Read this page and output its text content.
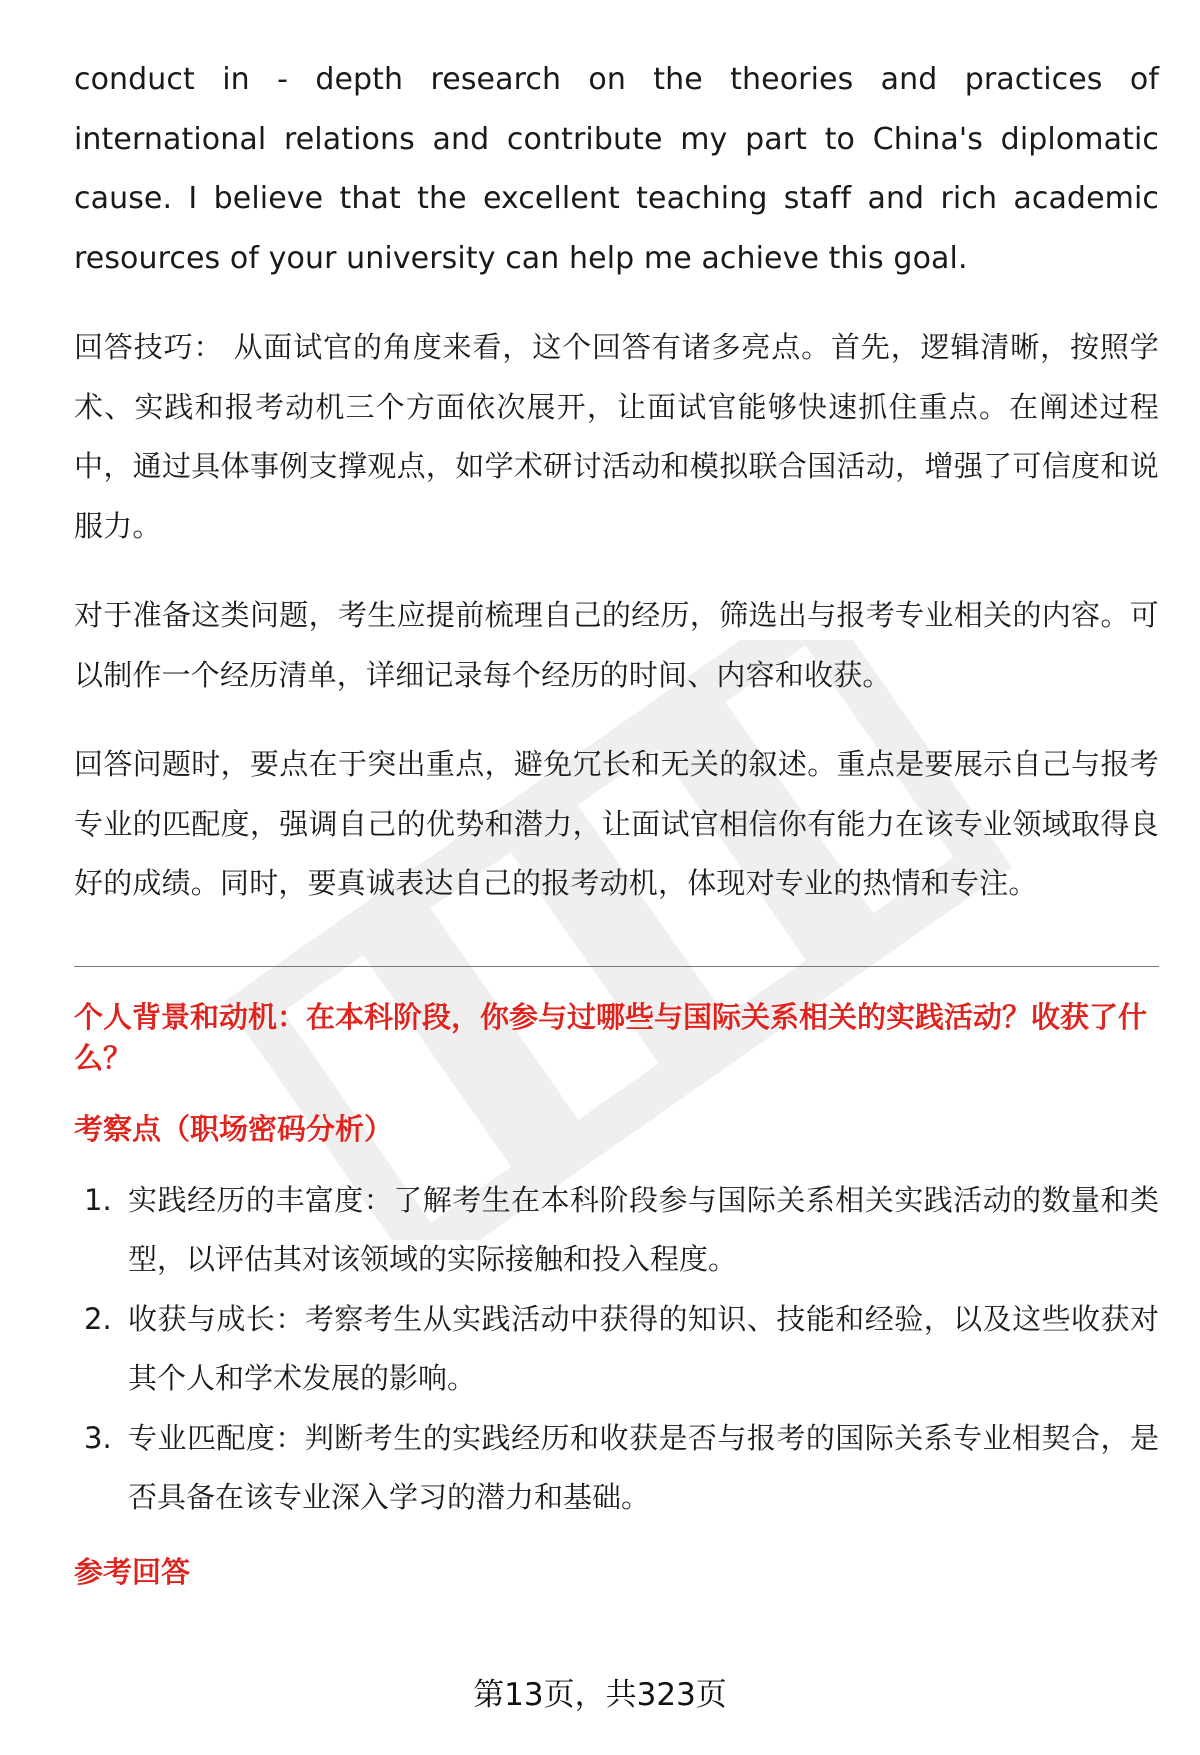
conduct in - depth research on the theories and practices of international relations and contribute my part to China's diplomatic cause. I believe that the excellent teaching staff and rich academic resources of your university can help me achieve this goal.

回答技巧： 从面试官的角度来看，这个回答有诸多亮点。首先，逻辑清晰，按照学术、实践和报考动机三个方面依次展开，让面试官能够快速抓住重点。在阐述过程中，通过具体事例支撑观点，如学术研讨活动和模拟联合国活动，增强了可信度和说服力。

对于准备这类问题，考生应提前梳理自己的经历，筛选出与报考专业相关的内容。可以制作一个经历清单，详细记录每个经历的时间、内容和收获。

回答问题时，要点在于突出重点，避免冗长和无关的叙述。重点是要展示自己与报考专业的匹配度，强调自己的优势和潜力，让面试官相信你有能力在该专业领域取得良好的成绩。同时，要真诚表达自己的报考动机，体现对专业的热情和专注。

个人背景和动机：在本科阶段，你参与过哪些与国际关系相关的实践活动？收获了什么？
考察点（职场密码分析）
1. 实践经历的丰富度：了解考生在本科阶段参与国际关系相关实践活动的数量和类型，以评估其对该领域的实际接触和投入程度。
2. 收获与成长：考察考生从实践活动中获得的知识、技能和经验，以及这些收获对其个人和学术发展的影响。
3. 专业匹配度：判断考生的实践经历和收获是否与报考的国际关系专业相契合，是否具备在该专业深入学习的潜力和基础。
参考回答
第13页，共323页
